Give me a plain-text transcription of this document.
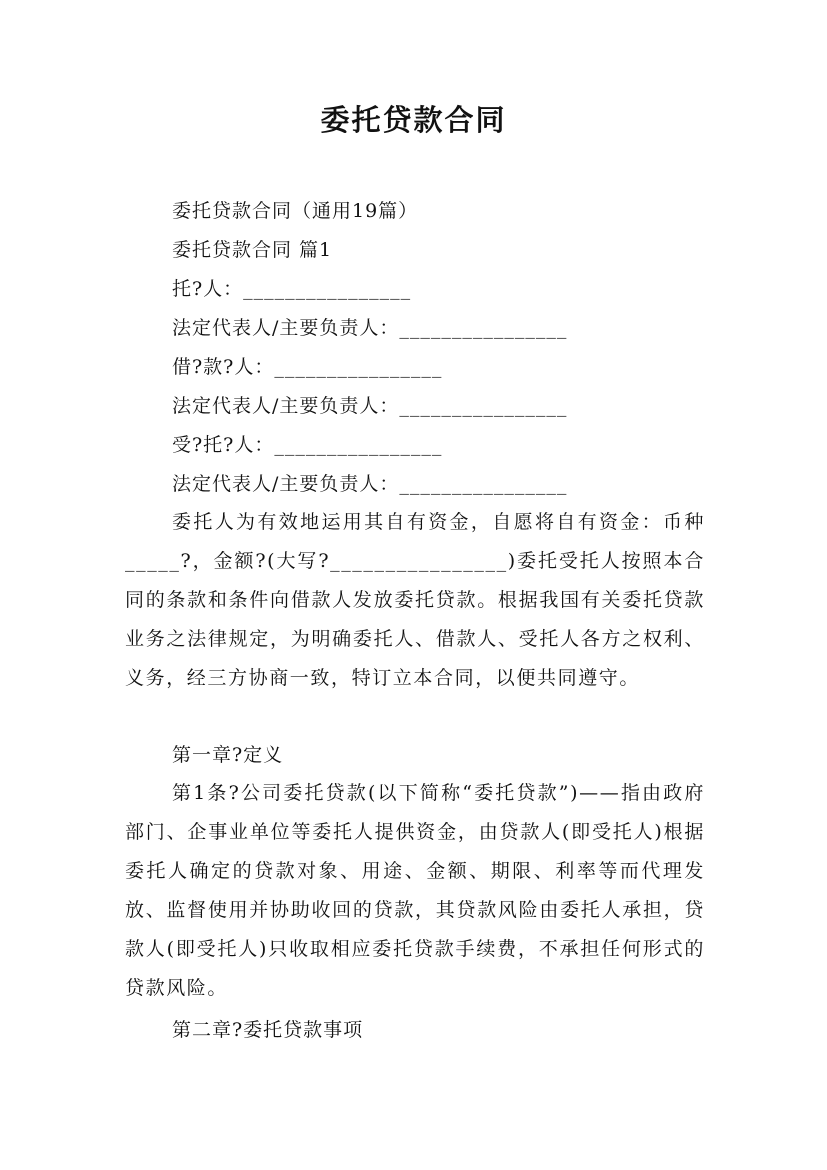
委托贷款合同
委托贷款合同（通用19篇）
委托贷款合同 篇1
托?人：________________
法定代表人/主要负责人：________________
借?款?人：________________
法定代表人/主要负责人：________________
受?托?人：________________
法定代表人/主要负责人：________________
委托人为有效地运用其自有资金，自愿将自有资金：币种_____?，金额?(大写?________________)委托受托人按照本合同的条款和条件向借款人发放委托贷款。根据我国有关委托贷款业务之法律规定，为明确委托人、借款人、受托人各方之权利、义务，经三方协商一致，特订立本合同，以便共同遵守。
第一章?定义
第1条?公司委托贷款(以下简称“委托贷款”)——指由政府部门、企事业单位等委托人提供资金，由贷款人(即受托人)根据委托人确定的贷款对象、用途、金额、期限、利率等而代理发放、监督使用并协助收回的贷款，其贷款风险由委托人承担，贷款人(即受托人)只收取相应委托贷款手续费，不承担任何形式的贷款风险。
第二章?委托贷款事项
